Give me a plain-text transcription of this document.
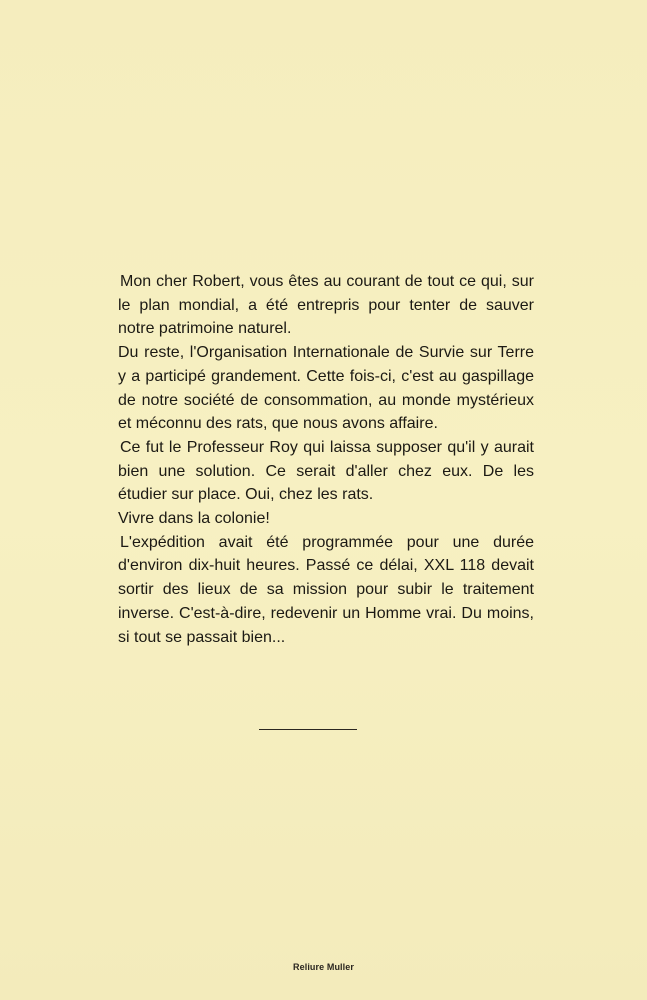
Mon cher Robert, vous êtes au courant de tout ce qui, sur le plan mondial, a été entrepris pour tenter de sauver notre patrimoine naturel.

Du reste, l'Organisation Internationale de Survie sur Terre y a participé grandement. Cette fois-ci, c'est au gaspillage de notre société de consommation, au monde mystérieux et méconnu des rats, que nous avons affaire.

Ce fut le Professeur Roy qui laissa supposer qu'il y aurait bien une solution. Ce serait d'aller chez eux. De les étudier sur place. Oui, chez les rats.

Vivre dans la colonie!

L'expédition avait été programmée pour une durée d'environ dix-huit heures. Passé ce délai, XXL 118 devait sortir des lieux de sa mission pour subir le traitement inverse. C'est-à-dire, redevenir un Homme vrai. Du moins, si tout se passait bien...

Reliure Muller
